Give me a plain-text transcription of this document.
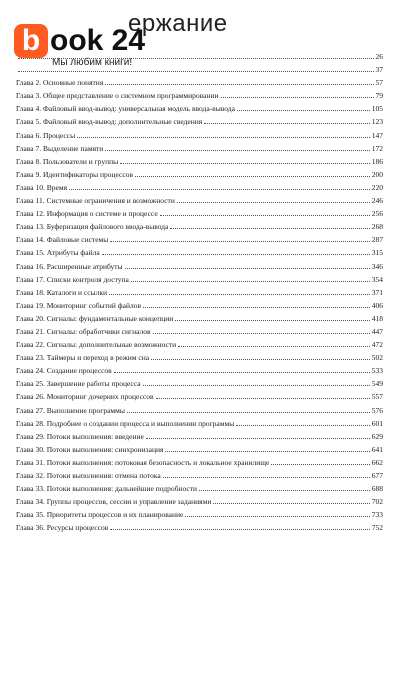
ержание
b ook 24
Мы любим книги!
26
37
Глава 2. Основные понятия	57
Глава 3. Общее представление о системном программировании	79
Глава 4. Файловый ввод-вывод: универсальная модель ввода-вывода	105
Глава 5. Файловый ввод-вывод: дополнительные сведения	123
Глава 6. Процессы	147
Глава 7. Выделение памяти	172
Глава 8. Пользователи и группы	186
Глава 9. Идентификаторы процессов	200
Глава 10. Время	220
Глава 11. Системные ограничения и возможности	246
Глава 12. Информация о системе и процессе	256
Глава 13. Буферизация файлового ввода-вывода	268
Глава 14. Файловые системы	287
Глава 15. Атрибуты файла	315
Глава 16. Расширенные атрибуты	346
Глава 17. Списки контроля доступа	354
Глава 18. Каталоги и ссылки	371
Глава 19. Мониторинг событий файлов	406
Глава 20. Сигналы: фундаментальные концепции	418
Глава 21. Сигналы: обработчики сигналов	447
Глава 22. Сигналы: дополнительные возможности	472
Глава 23. Таймеры и переход в режим сна	502
Глава 24. Создание процессов	533
Глава 25. Завершение работы процесса	549
Глава 26. Мониторинг дочерних процессов	557
Глава 27. Выполнение программы	576
Глава 28. Подробнее о создании процесса и выполнении программы	601
Глава 29. Потоки выполнения: введение	629
Глава 30. Потоки выполнения: синхронизация	641
Глава 31. Потоки выполнения: потоковая безопасность и локальное хранилище	662
Глава 32. Потоки выполнения: отмена потока	677
Глава 33. Потоки выполнения: дальнейшие подробности	688
Глава 34. Группы процессов, сессии и управление заданиями	702
Глава 35. Приоритеты процессов и их планирование	733
Глава 36. Ресурсы процессов	752
